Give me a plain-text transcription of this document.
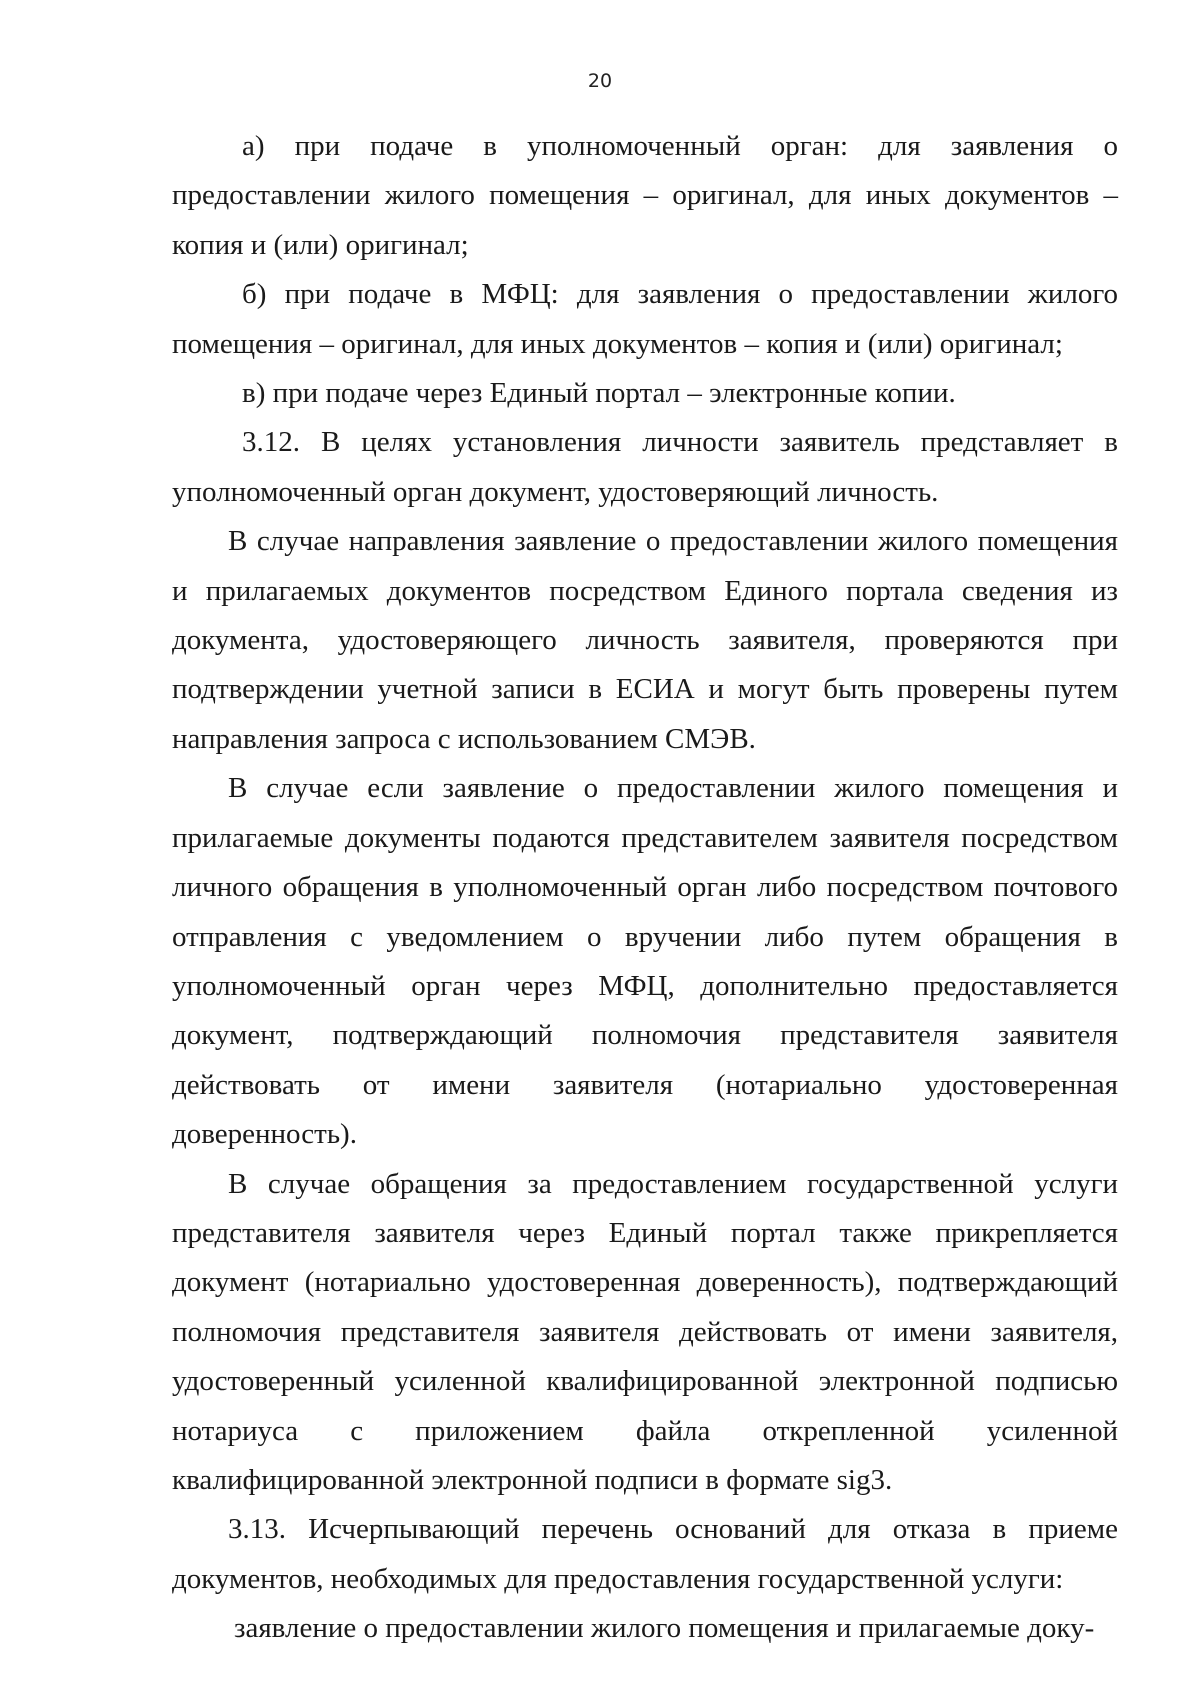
20

а) при подаче в уполномоченный орган: для заявления о предоставлении жилого помещения – оригинал, для иных документов – копия и (или) оригинал;

б) при подаче в МФЦ: для заявления о предоставлении жилого помещения – оригинал, для иных документов – копия и (или) оригинал;

в) при подаче через Единый портал – электронные копии.

3.12. В целях установления личности заявитель представляет в уполномоченный орган документ, удостоверяющий личность.

В случае направления заявление о предоставлении жилого помещения и прилагаемых документов посредством Единого портала сведения из документа, удостоверяющего личность заявителя, проверяются при подтверждении учетной записи в ЕСИА и могут быть проверены путем направления запроса с использованием СМЭВ.

В случае если заявление о предоставлении жилого помещения и прилагаемые документы подаются представителем заявителя посредством личного обращения в уполномоченный орган либо посредством почтового отправления с уведомлением о вручении либо путем обращения в уполномоченный орган через МФЦ, дополнительно предоставляется документ, подтверждающий полномочия представителя заявителя действовать от имени заявителя (нотариально удостоверенная доверенность).

В случае обращения за предоставлением государственной услуги представителя заявителя через Единый портал также прикрепляется документ (нотариально удостоверенная доверенность), подтверждающий полномочия представителя заявителя действовать от имени заявителя, удостоверенный усиленной квалифицированной электронной подписью нотариуса с приложением файла открепленной усиленной квалифицированной электронной подписи в формате sig3.

3.13. Исчерпывающий перечень оснований для отказа в приеме документов, необходимых для предоставления государственной услуги:

заявление о предоставлении жилого помещения и прилагаемые доку-
